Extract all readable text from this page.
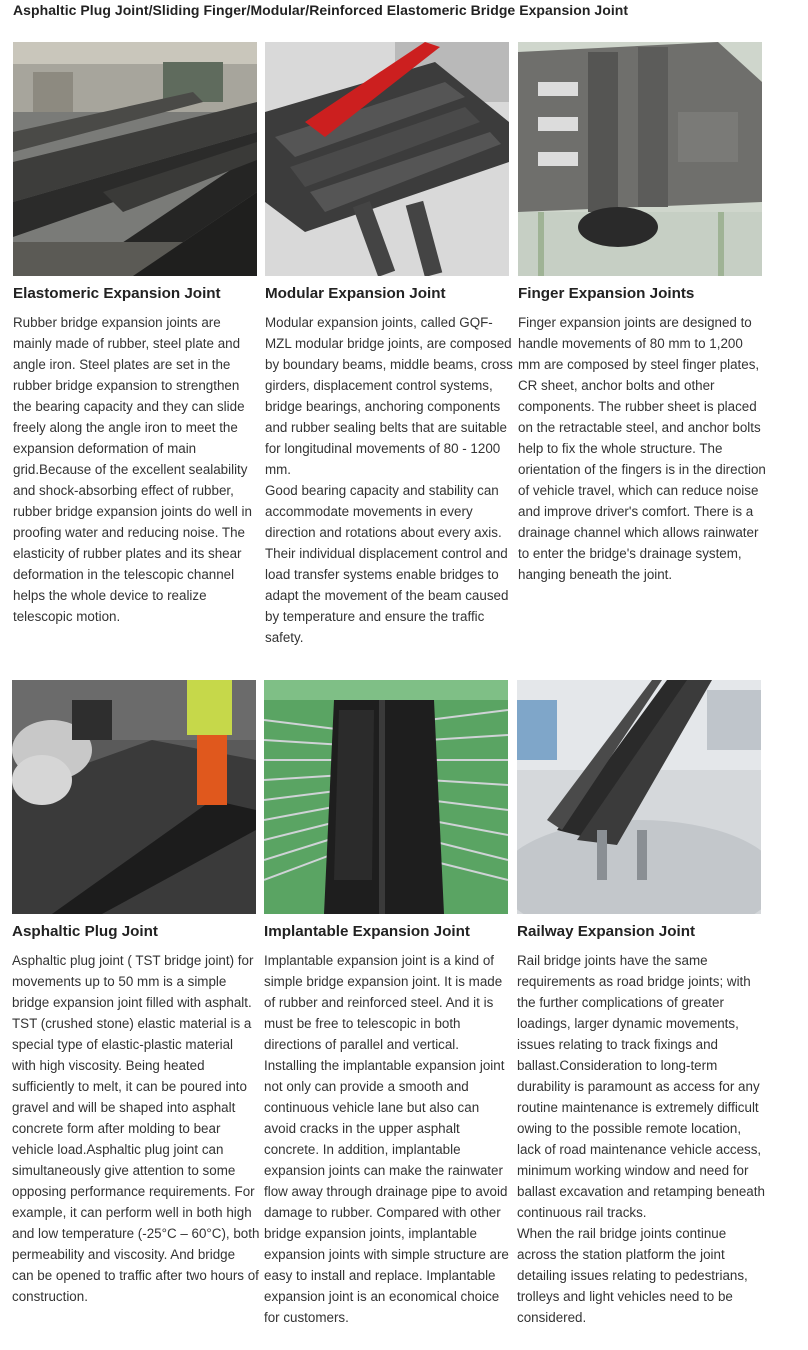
Asphaltic Plug Joint/Sliding Finger/Modular/Reinforced Elastomeric Bridge Expansion Joint
Elastomeric Expansion Joint

Rubber bridge expansion joints are mainly made of rubber, steel plate and angle iron. Steel plates are set in the rubber bridge expansion to strengthen the bearing capacity and they can slide freely along the angle iron to meet the expansion deformation of main grid.Because of the excellent sealability and shock-absorbing effect of rubber, rubber bridge expansion joints do well in proofing water and reducing noise. The elasticity of rubber plates and its shear deformation in the telescopic channel helps the whole device to realize telescopic motion.

Modular Expansion Joint

Modular expansion joints, called GQF-MZL modular bridge joints, are composed by boundary beams, middle beams, cross girders, displacement control systems, bridge bearings, anchoring components and rubber sealing belts that are suitable for longitudinal movements of 80 - 1200 mm.

Good bearing capacity and stability can accommodate movements in every direction and rotations about every axis. Their individual displacement control and load transfer systems enable bridges to adapt the movement of the beam caused by temperature and ensure the traffic safety.

Finger Expansion Joints

Finger expansion joints are designed to handle movements of 80 mm to 1,200 mm are composed by steel finger plates, CR sheet, anchor bolts and other components. The rubber sheet is placed on the retractable steel, and anchor bolts help to fix the whole structure. The orientation of the fingers is in the direction of vehicle travel, which can reduce noise and improve driver's comfort. There is a drainage channel which allows rainwater to enter the bridge's drainage system, hanging beneath the joint.

Asphaltic Plug Joint

Asphaltic plug joint ( TST bridge joint) for movements up to 50 mm is a simple bridge expansion joint filled with asphalt. TST (crushed stone) elastic material is a special type of elastic-plastic material with high viscosity. Being heated sufficiently to melt, it can be poured into gravel and will be shaped into asphalt concrete form after molding to bear vehicle load.Asphaltic plug joint can simultaneously give attention to some opposing performance requirements. For example, it can perform well in both high and low temperature (-25°C – 60°C), both permeability and viscosity. And bridge can be opened to traffic after two hours of construction.

Implantable Expansion Joint

Implantable expansion joint is a kind of simple bridge expansion joint. It is made of rubber and reinforced steel. And it is must be free to telescopic in both directions of parallel and vertical. Installing the implantable expansion joint not only can provide a smooth and continuous vehicle lane but also can avoid cracks in the upper asphalt concrete. In addition, implantable expansion joints can make the rainwater flow away through drainage pipe to avoid damage to rubber. Compared with other bridge expansion joints, implantable expansion joints with simple structure are easy to install and replace. Implantable expansion joint is an economical choice for customers.

Railway Expansion Joint

Rail bridge joints have the same requirements as road bridge joints; with the further complications of greater loadings, larger dynamic movements, issues relating to track fixings and ballast.Consideration to long-term durability is paramount as access for any routine maintenance is extremely difficult owing to the possible remote location, lack of road maintenance vehicle access, minimum working window and need for ballast excavation and retamping beneath continuous rail tracks.

When the rail bridge joints continue across the station platform the joint detailing issues relating to pedestrians, trolleys and light vehicles need to be considered.
